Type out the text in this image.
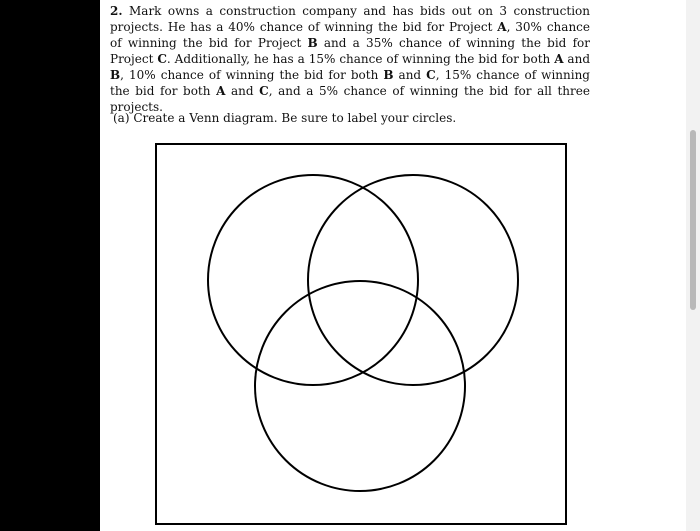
2. Mark owns a construction company and has bids out on 3 construction projects. He has a 40% chance of winning the bid for Project A, 30% chance of winning the bid for Project B and a 35% chance of winning the bid for Project C. Additionally, he has a 15% chance of winning the bid for both A and B, 10% chance of winning the bid for both B and C, 15% chance of winning the bid for both A and C, and a 5% chance of winning the bid for all three projects.

(a) Create a Venn diagram. Be sure to label your circles.
